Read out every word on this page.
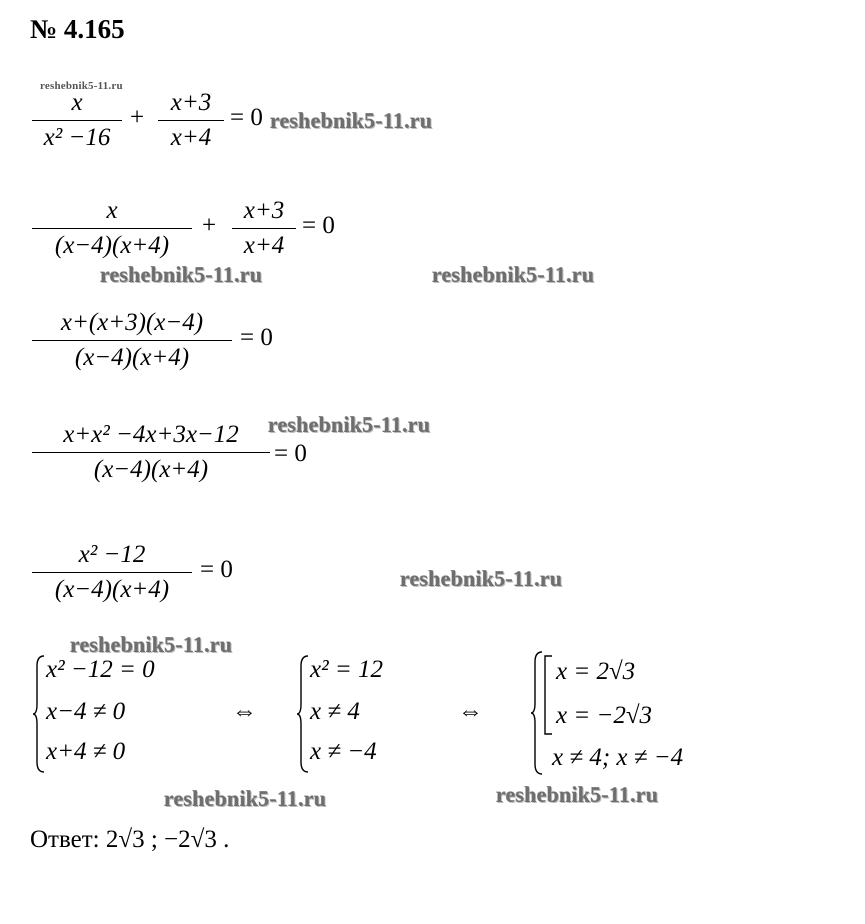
№ 4.165
reshebnik5-11.ru
reshebnik5-11.ru
reshebnik5-11.ru	reshebnik5-11.ru
reshebnik5-11.ru
reshebnik5-11.ru
reshebnik5-11.ru
reshebnik5-11.ru	reshebnik5-11.ru
x
x² −16
+
x+3
x+4
= 0
x
(x−4)(x+4)
+
x+3
x+4
= 0
x+(x+3)(x−4)
(x−4)(x+4)
= 0
x+x² −4x+3x−12
(x−4)(x+4)
= 0
x² −12
(x−4)(x+4)
= 0
x² −12 = 0
x−4 ≠ 0
x+4 ≠ 0
⇔
x² = 12
x ≠ 4
x ≠ −4
⇔
x = 2√3
x = −2√3
x ≠ 4; x ≠ −4
Ответ: 2√3 ; −2√3 .
